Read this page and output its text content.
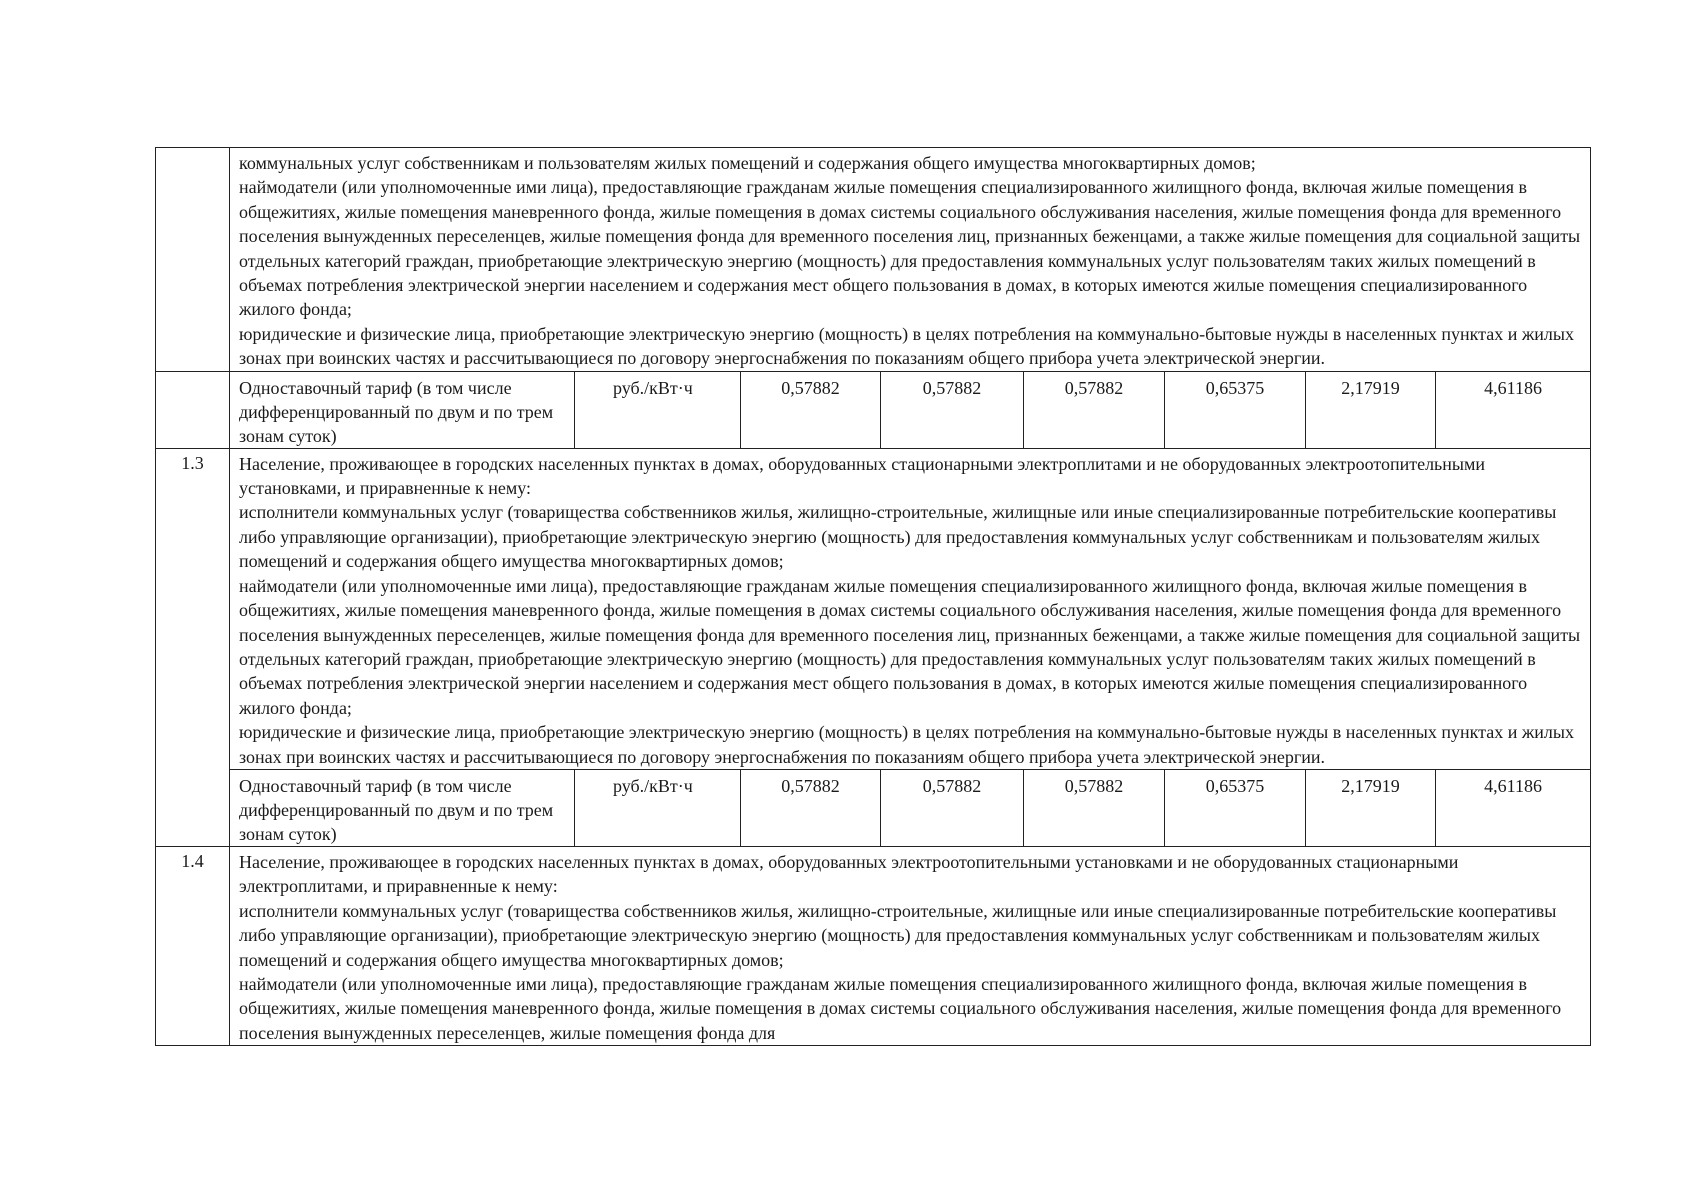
	коммунальных услуг собственникам и пользователям жилых помещений и содержания общего имущества многоквартирных домов;

наймодатели (или уполномоченные ими лица), предоставляющие гражданам жилые помещения специализированного жилищного фонда, включая жилые помещения в общежитиях, жилые помещения маневренного фонда, жилые помещения в домах системы социального обслуживания населения, жилые помещения фонда для временного поселения вынужденных переселенцев, жилые помещения фонда для временного поселения лиц, признанных беженцами, а также жилые помещения для социальной защиты отдельных категорий граждан, приобретающие электрическую энергию (мощность) для предоставления коммунальных услуг пользователям таких жилых помещений в объемах потребления электрической энергии населением и содержания мест общего пользования в домах, в которых имеются жилые помещения специализированного жилого фонда;

юридические и физические лица, приобретающие электрическую энергию (мощность) в целях потребления на коммунально-бытовые нужды в населенных пунктах и жилых зонах при воинских частях и рассчитывающиеся по договору энергоснабжения по показаниям общего прибора учета электрической энергии.							

	Одноставочный тариф (в том числе дифференцированный по двум и по трем зонам суток)	руб./кВт·ч	0,57882	0,57882	0,57882	0,65375	2,17919	4,61186
1.3	Население, проживающее в городских населенных пунктах в домах, оборудованных стационарными электроплитами и не оборудованных электроотопительными установками, и приравненные к нему:

исполнители коммунальных услуг (товарищества собственников жилья, жилищно-строительные, жилищные или иные специализированные потребительские кооперативы либо управляющие организации), приобретающие электрическую энергию (мощность) для предоставления коммунальных услуг собственникам и пользователям жилых помещений и содержания общего имущества многоквартирных домов;

наймодатели (или уполномоченные ими лица), предоставляющие гражданам жилые помещения специализированного жилищного фонда, включая жилые помещения в общежитиях, жилые помещения маневренного фонда, жилые помещения в домах системы социального обслуживания населения, жилые помещения фонда для временного поселения вынужденных переселенцев, жилые помещения фонда для временного поселения лиц, признанных беженцами, а также жилые помещения для социальной защиты отдельных категорий граждан, приобретающие электрическую энергию (мощность) для предоставления коммунальных услуг пользователям таких жилых помещений в объемах потребления электрической энергии населением и содержания мест общего пользования в домах, в которых имеются жилые помещения специализированного жилого фонда;

юридические и физические лица, приобретающие электрическую энергию (мощность) в целях потребления на коммунально-бытовые нужды в населенных пунктах и жилых зонах при воинских частях и рассчитывающиеся по договору энергоснабжения по показаниям общего прибора учета электрической энергии.							

	Одноставочный тариф (в том числе дифференцированный по двум и по трем зонам суток)	руб./кВт·ч	0,57882	0,57882	0,57882	0,65375	2,17919	4,61186
1.4	Население, проживающее в городских населенных пунктах в домах, оборудованных электроотопительными установками и не оборудованных стационарными электроплитами, и приравненные к нему:

исполнители коммунальных услуг (товарищества собственников жилья, жилищно-строительные, жилищные или иные специализированные потребительские кооперативы либо управляющие организации), приобретающие электрическую энергию (мощность) для предоставления коммунальных услуг собственникам и пользователям жилых помещений и содержания общего имущества многоквартирных домов;

наймодатели (или уполномоченные ими лица), предоставляющие гражданам жилые помещения специализированного жилищного фонда, включая жилые помещения в общежитиях, жилые помещения маневренного фонда, жилые помещения в домах системы социального обслуживания населения, жилые помещения фонда для временного поселения вынужденных переселенцев, жилые помещения фонда для							
